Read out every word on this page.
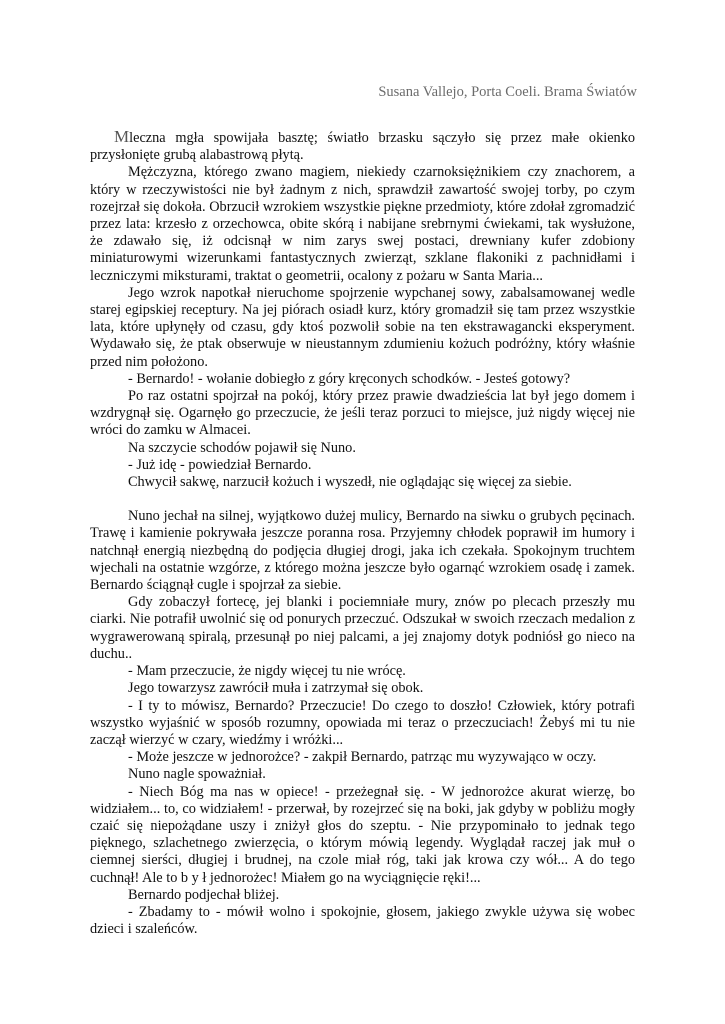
Susana Vallejo, Porta Coeli. Brama Światów

Mleczna mgła spowijała basztę; światło brzasku sączyło się przez małe okienko przysłonięte grubą alabastrową płytą.

Mężczyzna, którego zwano magiem, niekiedy czarnoksiężnikiem czy znachorem, a który w rzeczywistości nie był żadnym z nich, sprawdził zawartość swojej torby, po czym rozejrzał się dokoła. Obrzucił wzrokiem wszystkie piękne przedmioty, które zdołał zgromadzić przez lata: krzesło z orzechowca, obite skórą i nabijane srebrnymi ćwiekami, tak wysłużone, że zdawało się, iż odcisnął w nim zarys swej postaci, drewniany kufer zdobiony miniaturowymi wizerunkami fantastycznych zwierząt, szklane flakoniki z pachnidłami i leczniczymi miksturami, traktat o geometrii, ocalony z pożaru w Santa Maria...

Jego wzrok napotkał nieruchome spojrzenie wypchanej sowy, zabalsamowanej wedle starej egipskiej receptury. Na jej piórach osiadł kurz, który gromadził się tam przez wszystkie lata, które upłynęły od czasu, gdy ktoś pozwolił sobie na ten ekstrawagancki eksperyment. Wydawało się, że ptak obserwuje w nieustannym zdumieniu kożuch podróżny, który właśnie przed nim położono.

‑ Bernardo! ‑ wołanie dobiegło z góry kręconych schodków. ‑ Jesteś gotowy?

Po raz ostatni spojrzał na pokój, który przez prawie dwadzieścia lat był jego domem i wzdrygnął się. Ogarnęło go przeczucie, że jeśli teraz porzuci to miejsce, już nigdy więcej nie wróci do zamku w Almacei.

Na szczycie schodów pojawił się Nuno.

‑ Już idę ‑ powiedział Bernardo.

Chwycił sakwę, narzucił kożuch i wyszedł, nie oglądając się więcej za siebie.

Nuno jechał na silnej, wyjątkowo dużej mulicy, Bernardo na siwku o grubych pęcinach. Trawę i kamienie pokrywała jeszcze poranna rosa. Przyjemny chłodek poprawił im humory i natchnął energią niezbędną do podjęcia długiej drogi, jaka ich czekała. Spokojnym truchtem wjechali na ostatnie wzgórze, z którego można jeszcze było ogarnąć wzrokiem osadę i zamek. Bernardo ściągnął cugle i spojrzał za siebie.

Gdy zobaczył fortecę, jej blanki i pociemniałe mury, znów po plecach przeszły mu ciarki. Nie potrafił uwolnić się od ponurych przeczuć. Odszukał w swoich rzeczach medalion z wygrawerowaną spiralą, przesunął po niej palcami, a jej znajomy dotyk podniósł go nieco na duchu..

‑ Mam przeczucie, że nigdy więcej tu nie wrócę.

Jego towarzysz zawrócił muła i zatrzymał się obok.

‑ I ty to mówisz, Bernardo? Przeczucie! Do czego to doszło! Człowiek, który potrafi wszystko wyjaśnić w sposób rozumny, opowiada mi teraz o przeczuciach! Żebyś mi tu nie zaczął wierzyć w czary, wiedźmy i wróżki...

‑ Może jeszcze w jednorożce? ‑ zakpił Bernardo, patrząc mu wyzywająco w oczy.

Nuno nagle spoważniał.

‑ Niech Bóg ma nas w opiece! ‑ przeżegnał się. ‑ W jednorożce akurat wierzę, bo widziałem... to, co widziałem! ‑ przerwał, by rozejrzeć się na boki, jak gdyby w pobliżu mogły czaić się niepożądane uszy i zniżył głos do szeptu. ‑ Nie przypominało to jednak tego pięknego, szlachetnego zwierzęcia, o którym mówią legendy. Wyglądał raczej jak muł o ciemnej sierści, długiej i brudnej, na czole miał róg, taki jak krowa czy wół... A do tego cuchnął! Ale to b y ł jednorożec! Miałem go na wyciągnięcie ręki!...

Bernardo podjechał bliżej.

‑ Zbadamy to ‑ mówił wolno i spokojnie, głosem, jakiego zwykle używa się wobec dzieci i szaleńców.
